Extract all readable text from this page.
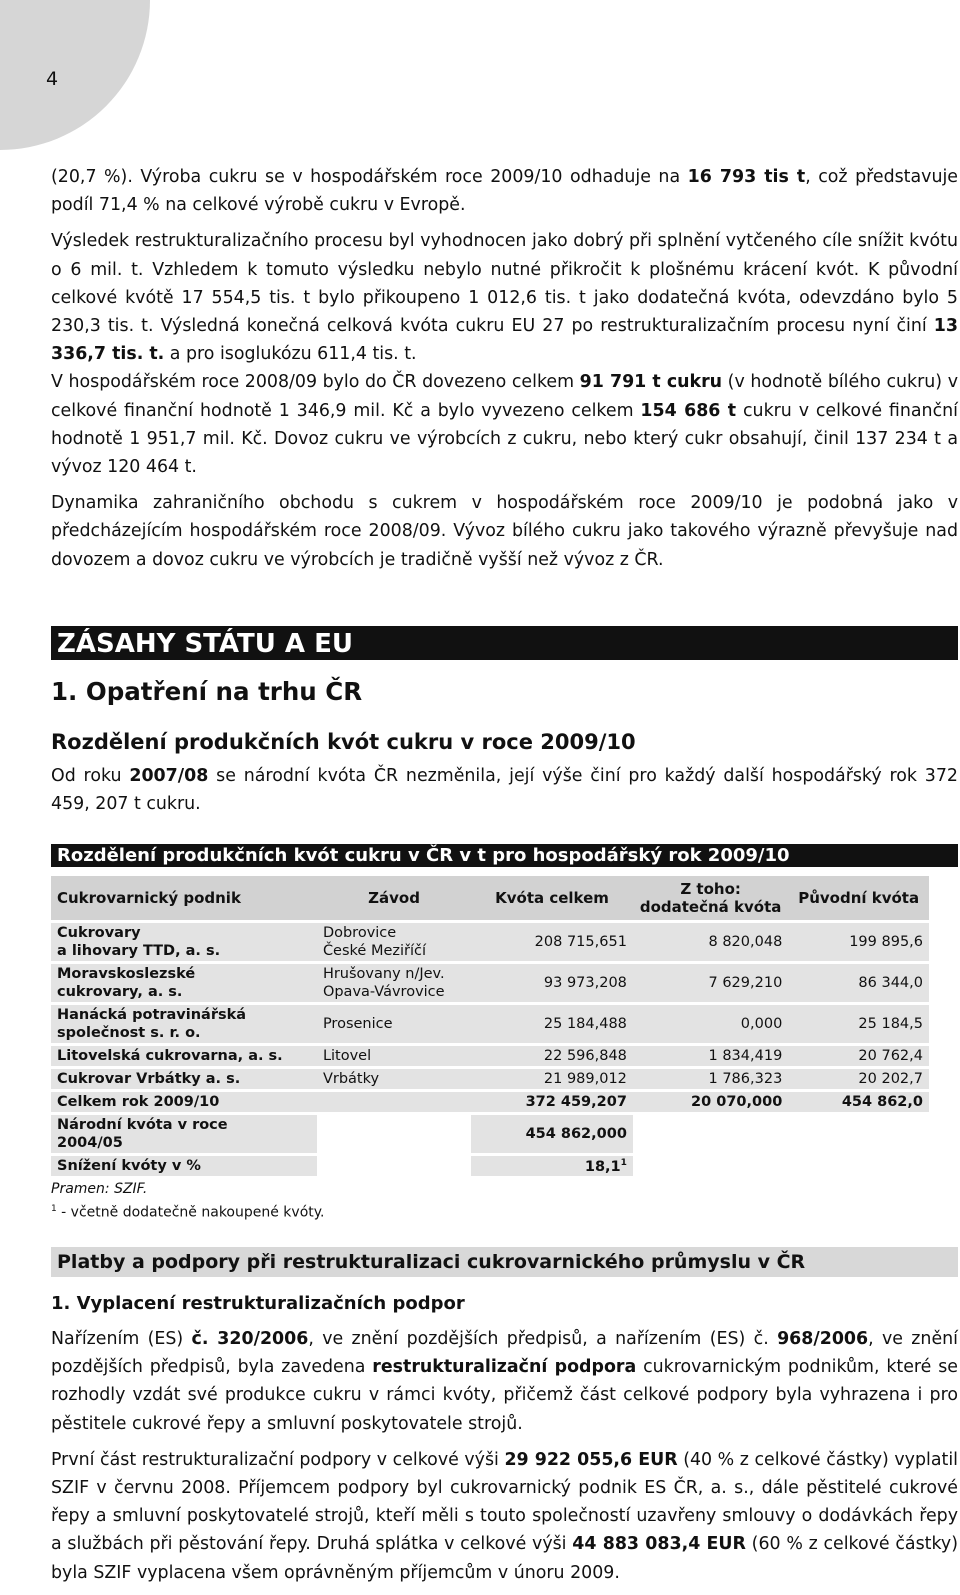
4

(20,7 %). Výroba cukru se v hospodářském roce 2009/10 odhaduje na 16 793 tis t, což představuje podíl 71,4 % na celkové výrobě cukru v Evropě.

Výsledek restrukturalizačního procesu byl vyhodnocen jako dobrý při splnění vytčeného cíle snížit kvótu o 6 mil. t. Vzhledem k tomuto výsledku nebylo nutné přikročit k plošnému krácení kvót. K původní celkové kvótě 17 554,5 tis. t bylo přikoupeno 1 012,6 tis. t jako dodatečná kvóta, odevzdáno bylo 5 230,3 tis. t. Výsledná konečná celková kvóta cukru EU 27 po restrukturalizačním procesu nyní činí 13 336,7 tis. t. a pro isoglukózu 611,4 tis. t.

V hospodářském roce 2008/09 bylo do ČR dovezeno celkem 91 791 t cukru (v hodnotě bílého cukru) v celkové finanční hodnotě 1 346,9 mil. Kč a bylo vyvezeno celkem 154 686 t cukru v celkové finanční hodnotě 1 951,7 mil. Kč. Dovoz cukru ve výrobcích z cukru, nebo který cukr obsahují, činil 137 234 t a vývoz 120 464 t.

Dynamika zahraničního obchodu s cukrem v hospodářském roce 2009/10 je podobná jako v předcházejícím hospodářském roce 2008/09. Vývoz bílého cukru jako takového výrazně převyšuje nad dovozem a dovoz cukru ve výrobcích je tradičně vyšší než vývoz z ČR.

ZÁSAHY STÁTU A EU
1. Opatření na trhu ČR
Rozdělení produkčních kvót cukru v roce 2009/10

Od roku 2007/08 se národní kvóta ČR nezměnila, její výše činí pro každý další hospodářský rok 372 459, 207 t cukru.

Rozdělení produkčních kvót cukru v ČR v t pro hospodářský rok 2009/10
Cukrovarnický podnik	Závod	Kvóta celkem	Z toho:
dodatečná kvóta	Původní kvóta
Cukrovary
a lihovary TTD, a. s.	Dobrovice
České Meziříčí	208 715,651	8 820,048	199 895,6
Moravskoslezské
cukrovary, a. s.	Hrušovany n/Jev.
Opava-Vávrovice	93 973,208	7 629,210	86 344,0
Hanácká potravinářská
společnost s. r. o.	Prosenice	25 184,488	0,000	25 184,5
Litovelská cukrovarna, a. s.	Litovel	22 596,848	1 834,419	20 762,4
Cukrovar Vrbátky a. s.	Vrbátky	21 989,012	1 786,323	20 202,7
Celkem rok 2009/10		372 459,207	20 070,000	454 862,0
Národní kvóta v roce
2004/05		454 862,000		
Snížení kvóty v %		18,1$^1$		
Pramen: SZIF.
$^1$ - včetně dodatečně nakoupené kvóty.
Platby a podpory při restrukturalizaci cukrovarnického průmyslu v ČR
1. Vyplacení restrukturalizačních podpor

Nařízením (ES) č. 320/2006, ve znění pozdějších předpisů, a nařízením (ES) č. 968/2006, ve znění pozdějších předpisů, byla zavedena restrukturalizační podpora cukrovarnickým podnikům, které se rozhodly vzdát své produkce cukru v rámci kvóty, přičemž část celkové podpory byla vyhrazena i pro pěstitele cukrové řepy a smluvní poskytovatele strojů.

První část restrukturalizační podpory v celkové výši 29 922 055,6 EUR (40 % z celkové částky) vyplatil SZIF v červnu 2008. Příjemcem podpory byl cukrovarnický podnik ES ČR, a. s., dále pěstitelé cukrové řepy a smluvní poskytovatelé strojů, kteří měli s touto společností uzavřeny smlouvy o dodávkách řepy a službách při pěstování řepy. Druhá splátka v celkové výši 44 883 083,4 EUR (60 % z celkové částky) byla SZIF vyplacena všem oprávněným příjemcům v únoru 2009.
